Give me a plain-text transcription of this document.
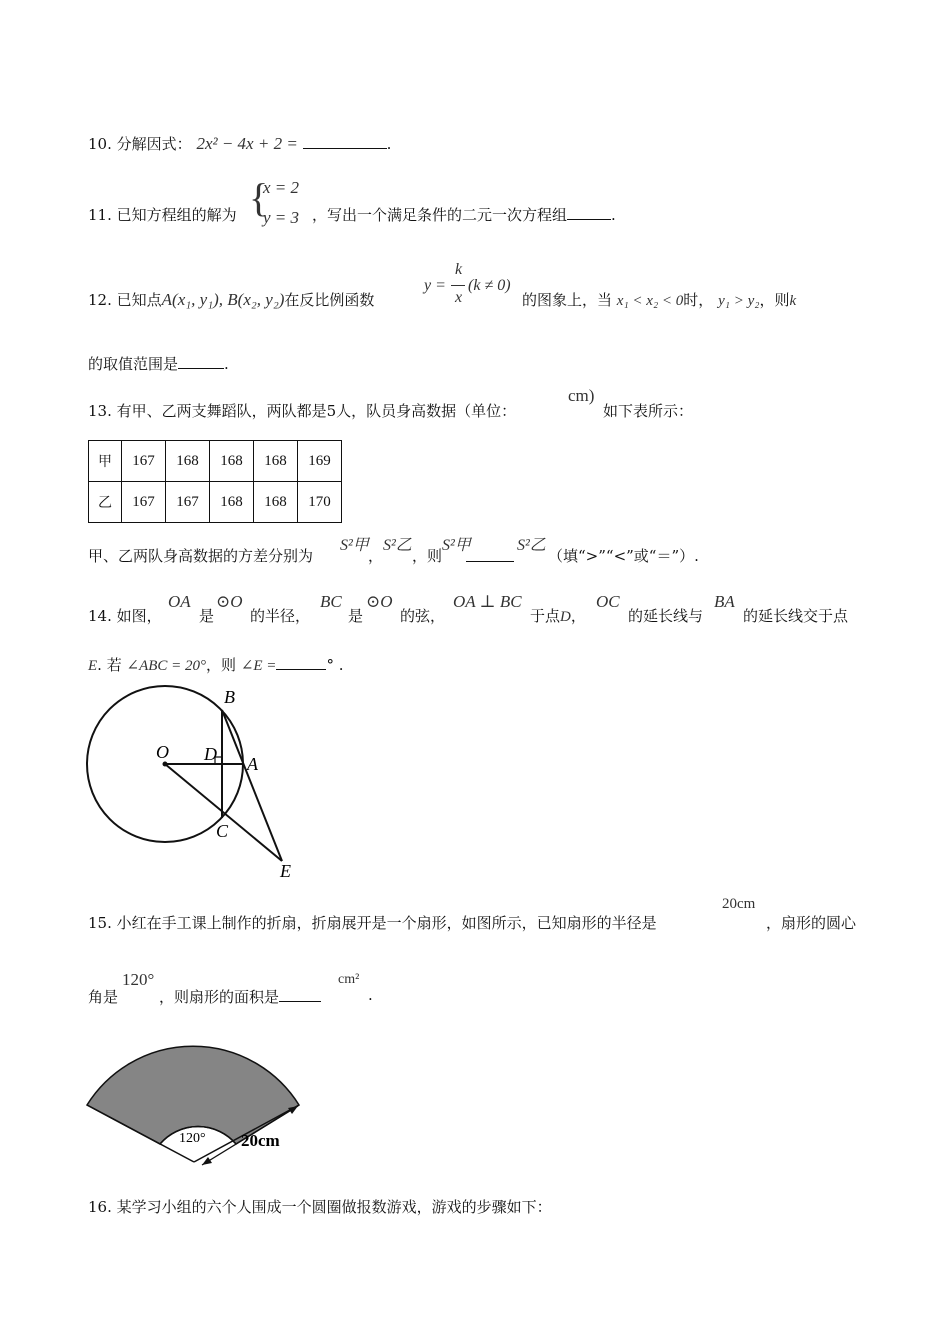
10. 分解因式： 2x² − 4x + 2 =	.
11. 已知方程组的解为 {
x = 2
y = 3 ，写出一个满足条件的二元一次方程组	.
12. 已知点A(x₁, y₁), B(x₂, y₂)在反比例函数
y =
k
x
(k ≠ 0)
的图象上，当 x₁ < x₂ < 0时， y₁ > y₂，则k
的取值范围是	.
13. 有甲、乙两支舞蹈队，两队都是5人，队员身高数据（单位：
cm)
如下表所示：
甲	167	168	168	168	169
乙	167	167	168	168	170
甲、乙两队身高数据的方差分别为
S²甲
，
S²乙
，则
S²甲	S²乙
（填“>”“<”或“＝”）.
14. 如图，
OA
是
⊙O
的半径，
BC
是
⊙O
的弦，
OA ⊥ BC
于点D，
OC
的延长线与
BA
的延长线交于点
E. 若 ∠ABC = 20°，则 ∠E =	° .
B
O D A
C
E
15. 小红在手工课上制作的折扇，折扇展开是一个扇形，如图所示，已知扇形的半径是
20cm
，扇形的圆心
角是
120°
，则扇形的面积是
cm²
.
120° 20cm
16. 某学习小组的六个人围成一个圆圈做报数游戏，游戏的步骤如下：
